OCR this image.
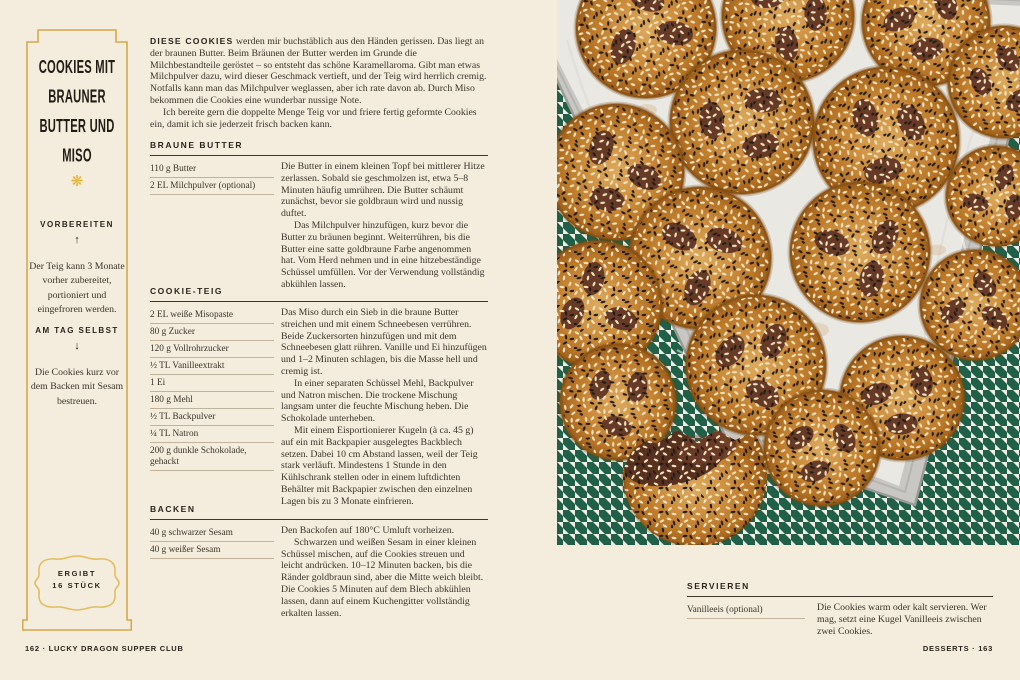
COOKIES MIT BRAUNER BUTTER UND MISO
❋
VORBEREITEN
↑

Der Teig kann 3 Monate vorher zubereitet, portioniert und eingefroren werden.

AM TAG SELBST
↓

Die Cookies kurz vor dem Backen mit Sesam bestreuen.

ERGIBT
16 STÜCK

DIESE COOKIES werden mir buchstäblich aus den Händen gerissen. Das liegt an der braunen Butter. Beim Bräunen der Butter werden im Grunde die Milchbestandteile geröstet – so entsteht das schöne Karamellaroma. Gibt man etwas Milchpulver dazu, wird dieser Geschmack vertieft, und der Teig wird herrlich cremig. Notfalls kann man das Milchpulver weglassen, aber ich rate davon ab. Durch Miso bekommen die Cookies eine wunderbar nussige Note.

Ich bereite gern die doppelte Menge Teig vor und friere fertig geformte Cookies ein, damit ich sie jederzeit frisch backen kann.

BRAUNE BUTTER
110 g Butter
2 EL Milchpulver (optional)

Die Butter in einem kleinen Topf bei mittlerer Hitze zerlassen. Sobald sie geschmolzen ist, etwa 5–8 Minuten häufig umrühren. Die Butter schäumt zunächst, bevor sie goldbraun wird und nussig duftet.

Das Milchpulver hinzufügen, kurz bevor die Butter zu bräunen beginnt. Weiterrühren, bis die Butter eine satte goldbraune Farbe angenommen hat. Vom Herd nehmen und in eine hitzebeständige Schüssel umfüllen. Vor der Verwendung vollständig abkühlen lassen.

COOKIE-TEIG
2 EL weiße Misopaste
80 g Zucker
120 g Vollrohrzucker
½ TL Vanilleextrakt
1 Ei
180 g Mehl
½ TL Backpulver
¼ TL Natron
200 g dunkle Schokolade, gehackt

Das Miso durch ein Sieb in die braune Butter streichen und mit einem Schneebesen verrühren. Beide Zuckersorten hinzufügen und mit dem Schneebesen glatt rühren. Vanille und Ei hinzufügen und 1–2 Minuten schlagen, bis die Masse hell und cremig ist.

In einer separaten Schüssel Mehl, Backpulver und Natron mischen. Die trockene Mischung langsam unter die feuchte Mischung heben. Die Schokolade unterheben.

Mit einem Eisportionierer Kugeln (à ca. 45 g) auf ein mit Backpapier ausgelegtes Backblech setzen. Dabei 10 cm Abstand lassen, weil der Teig stark verläuft. Mindestens 1 Stunde in den Kühlschrank stellen oder in einem luftdichten Behälter mit Backpapier zwischen den einzelnen Lagen bis zu 3 Monate einfrieren.

BACKEN
40 g schwarzer Sesam
40 g weißer Sesam

Den Backofen auf 180°C Umluft vorheizen.

Schwarzen und weißen Sesam in einer kleinen Schüssel mischen, auf die Cookies streuen und leicht andrücken. 10–12 Minuten backen, bis die Ränder goldbraun sind, aber die Mitte weich bleibt. Die Cookies 5 Minuten auf dem Blech abkühlen lassen, dann auf einem Kuchengitter vollständig erkalten lassen.

SERVIEREN
Vanilleeis (optional)	Die Cookies warm oder kalt servieren. Wer mag, setzt eine Kugel Vanilleeis zwischen zwei Cookies.

162 · LUCKY DRAGON SUPPER CLUB	DESSERTS · 163
